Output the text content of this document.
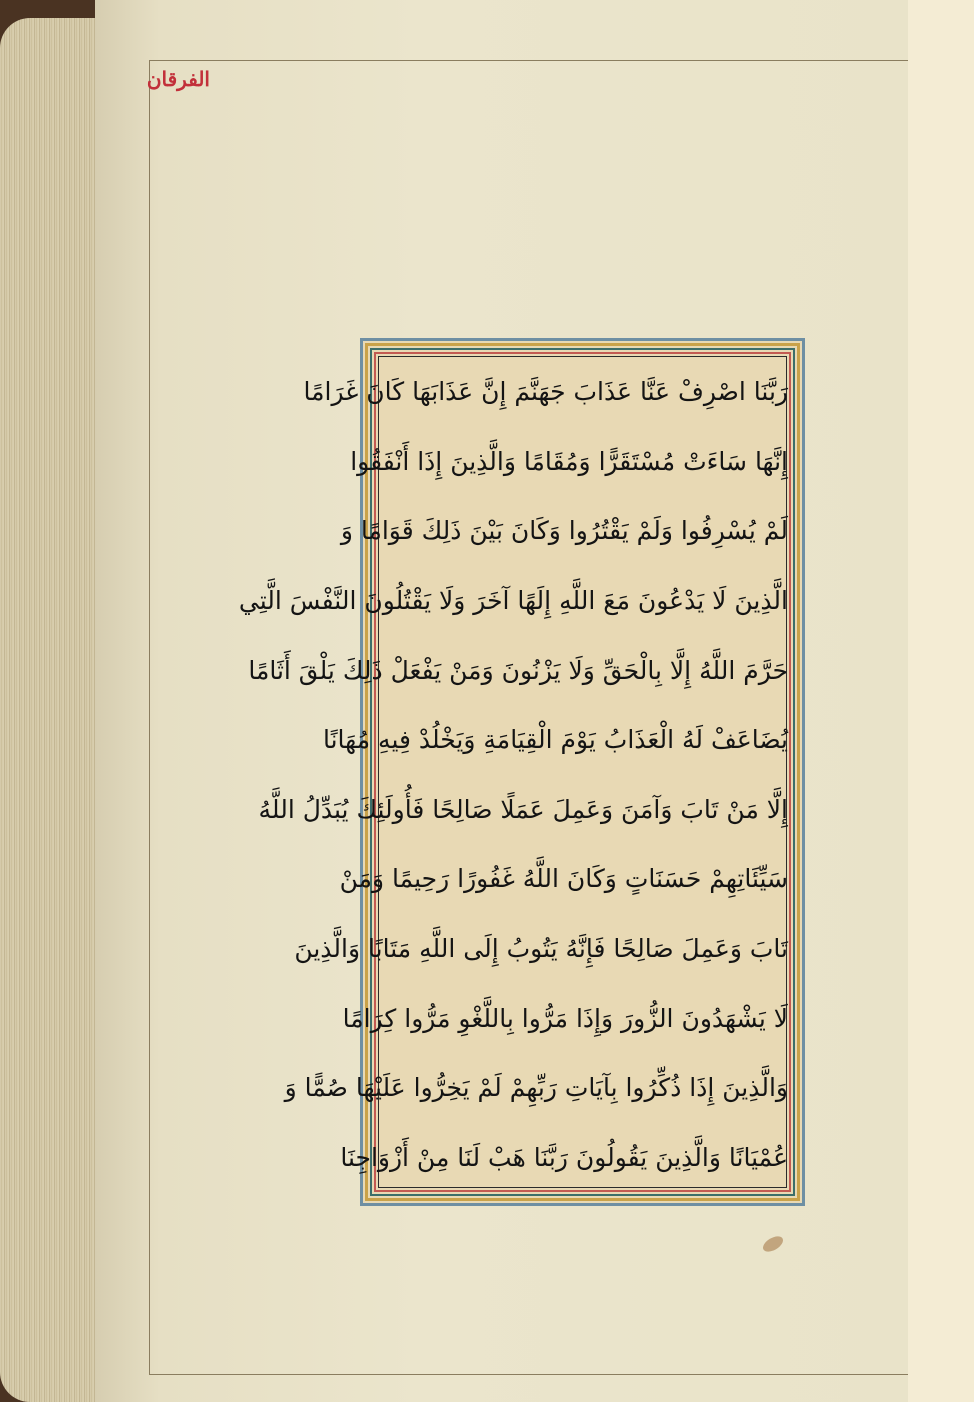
الفرقان
رَبَّنَا اصْرِفْ عَنَّا عَذَابَ جَهَنَّمَ إِنَّ عَذَابَهَا كَانَ غَرَامًا
إِنَّهَا سَاءَتْ مُسْتَقَرًّا وَمُقَامًا وَالَّذِينَ إِذَا أَنْفَقُوا
لَمْ يُسْرِفُوا وَلَمْ يَقْتُرُوا وَكَانَ بَيْنَ ذَلِكَ قَوَامًا وَ
الَّذِينَ لَا يَدْعُونَ مَعَ اللَّهِ إِلَهًا آخَرَ وَلَا يَقْتُلُونَ النَّفْسَ الَّتِي
حَرَّمَ اللَّهُ إِلَّا بِالْحَقِّ وَلَا يَزْنُونَ وَمَنْ يَفْعَلْ ذَلِكَ يَلْقَ أَثَامًا
يُضَاعَفْ لَهُ الْعَذَابُ يَوْمَ الْقِيَامَةِ وَيَخْلُدْ فِيهِ مُهَانًا
إِلَّا مَنْ تَابَ وَآمَنَ وَعَمِلَ عَمَلًا صَالِحًا فَأُولَئِكَ يُبَدِّلُ اللَّهُ
سَيِّئَاتِهِمْ حَسَنَاتٍ وَكَانَ اللَّهُ غَفُورًا رَحِيمًا وَمَنْ
تَابَ وَعَمِلَ صَالِحًا فَإِنَّهُ يَتُوبُ إِلَى اللَّهِ مَتَابًا وَالَّذِينَ
لَا يَشْهَدُونَ الزُّورَ وَإِذَا مَرُّوا بِاللَّغْوِ مَرُّوا كِرَامًا
وَالَّذِينَ إِذَا ذُكِّرُوا بِآيَاتِ رَبِّهِمْ لَمْ يَخِرُّوا عَلَيْهَا صُمًّا وَ
عُمْيَانًا وَالَّذِينَ يَقُولُونَ رَبَّنَا هَبْ لَنَا مِنْ أَزْوَاجِنَا
